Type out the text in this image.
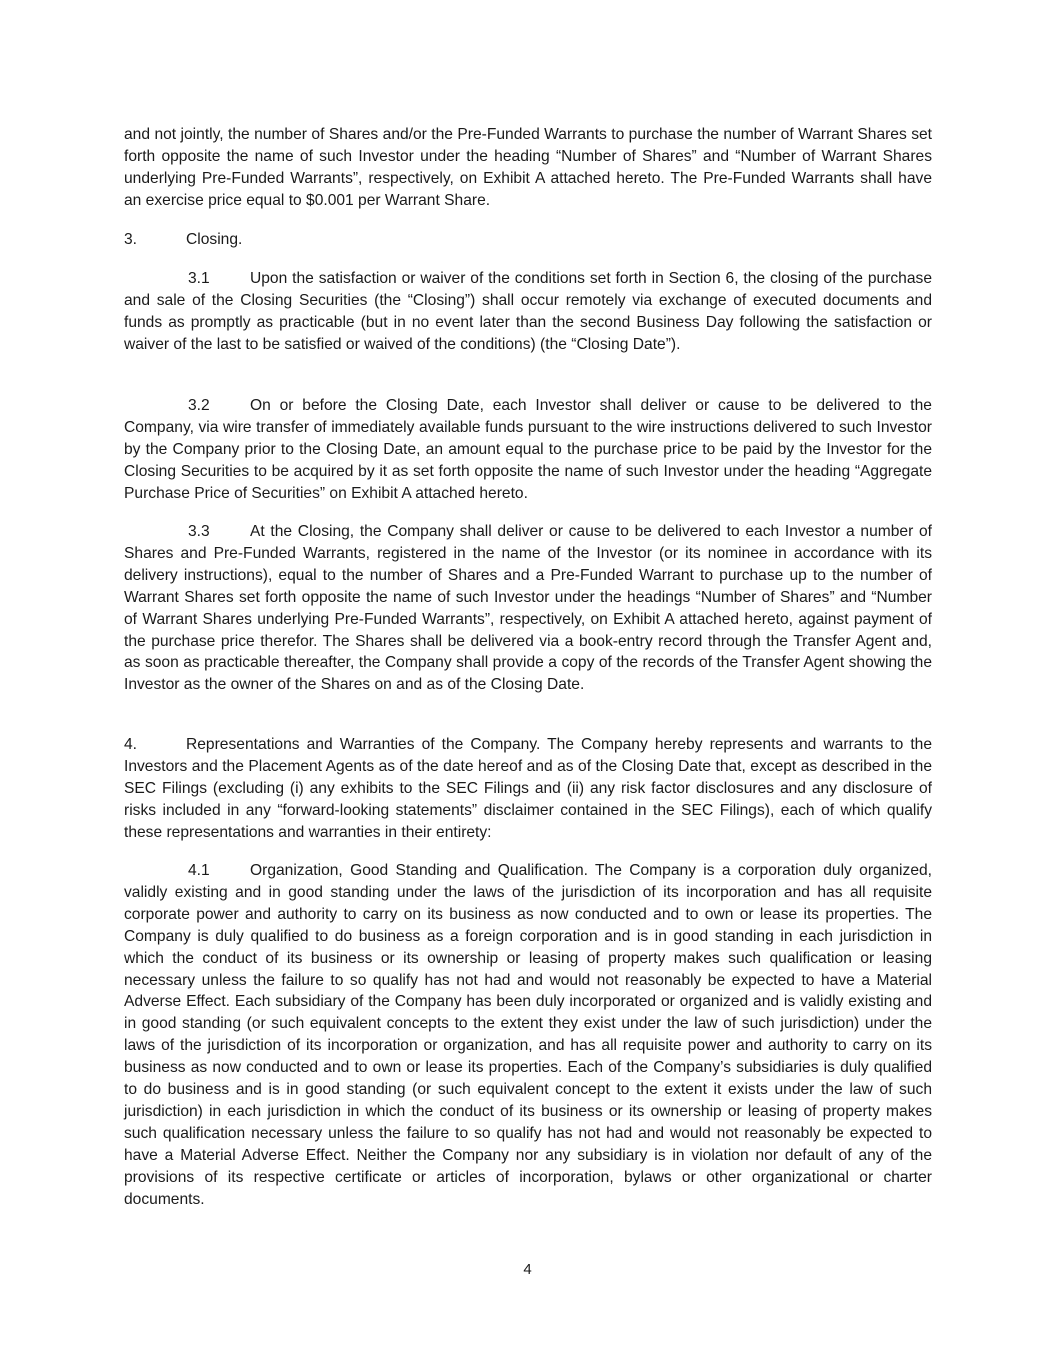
and not jointly, the number of Shares and/or the Pre-Funded Warrants to purchase the number of Warrant Shares set forth opposite the name of such Investor under the heading “Number of Shares” and “Number of Warrant Shares underlying Pre-Funded Warrants”, respectively, on Exhibit A attached hereto. The Pre-Funded Warrants shall have an exercise price equal to $0.001 per Warrant Share.

3.	Closing.

3.1	Upon the satisfaction or waiver of the conditions set forth in Section 6, the closing of the purchase and sale of the Closing Securities (the “Closing”) shall occur remotely via exchange of executed documents and funds as promptly as practicable (but in no event later than the second Business Day following the satisfaction or waiver of the last to be satisfied or waived of the conditions) (the “Closing Date”).

3.2	On or before the Closing Date, each Investor shall deliver or cause to be delivered to the Company, via wire transfer of immediately available funds pursuant to the wire instructions delivered to such Investor by the Company prior to the Closing Date, an amount equal to the purchase price to be paid by the Investor for the Closing Securities to be acquired by it as set forth opposite the name of such Investor under the heading “Aggregate Purchase Price of Securities” on Exhibit A attached hereto.

3.3	At the Closing, the Company shall deliver or cause to be delivered to each Investor a number of Shares and Pre-Funded Warrants, registered in the name of the Investor (or its nominee in accordance with its delivery instructions), equal to the number of Shares and a Pre-Funded Warrant to purchase up to the number of Warrant Shares set forth opposite the name of such Investor under the headings “Number of Shares” and “Number of Warrant Shares underlying Pre-Funded Warrants”, respectively, on Exhibit A attached hereto, against payment of the purchase price therefor. The Shares shall be delivered via a book-entry record through the Transfer Agent and, as soon as practicable thereafter, the Company shall provide a copy of the records of the Transfer Agent showing the Investor as the owner of the Shares on and as of the Closing Date.

4.	Representations and Warranties of the Company. The Company hereby represents and warrants to the Investors and the Placement Agents as of the date hereof and as of the Closing Date that, except as described in the SEC Filings (excluding (i) any exhibits to the SEC Filings and (ii) any risk factor disclosures and any disclosure of risks included in any “forward-looking statements” disclaimer contained in the SEC Filings), each of which qualify these representations and warranties in their entirety:

4.1	Organization, Good Standing and Qualification. The Company is a corporation duly organized, validly existing and in good standing under the laws of the jurisdiction of its incorporation and has all requisite corporate power and authority to carry on its business as now conducted and to own or lease its properties. The Company is duly qualified to do business as a foreign corporation and is in good standing in each jurisdiction in which the conduct of its business or its ownership or leasing of property makes such qualification or leasing necessary unless the failure to so qualify has not had and would not reasonably be expected to have a Material Adverse Effect. Each subsidiary of the Company has been duly incorporated or organized and is validly existing and in good standing (or such equivalent concepts to the extent they exist under the law of such jurisdiction) under the laws of the jurisdiction of its incorporation or organization, and has all requisite power and authority to carry on its business as now conducted and to own or lease its properties. Each of the Company’s subsidiaries is duly qualified to do business and is in good standing (or such equivalent concept to the extent it exists under the law of such jurisdiction) in each jurisdiction in which the conduct of its business or its ownership or leasing of property makes such qualification necessary unless the failure to so qualify has not had and would not reasonably be expected to have a Material Adverse Effect. Neither the Company nor any subsidiary is in violation nor default of any of the provisions of its respective certificate or articles of incorporation, bylaws or other organizational or charter documents.

4
